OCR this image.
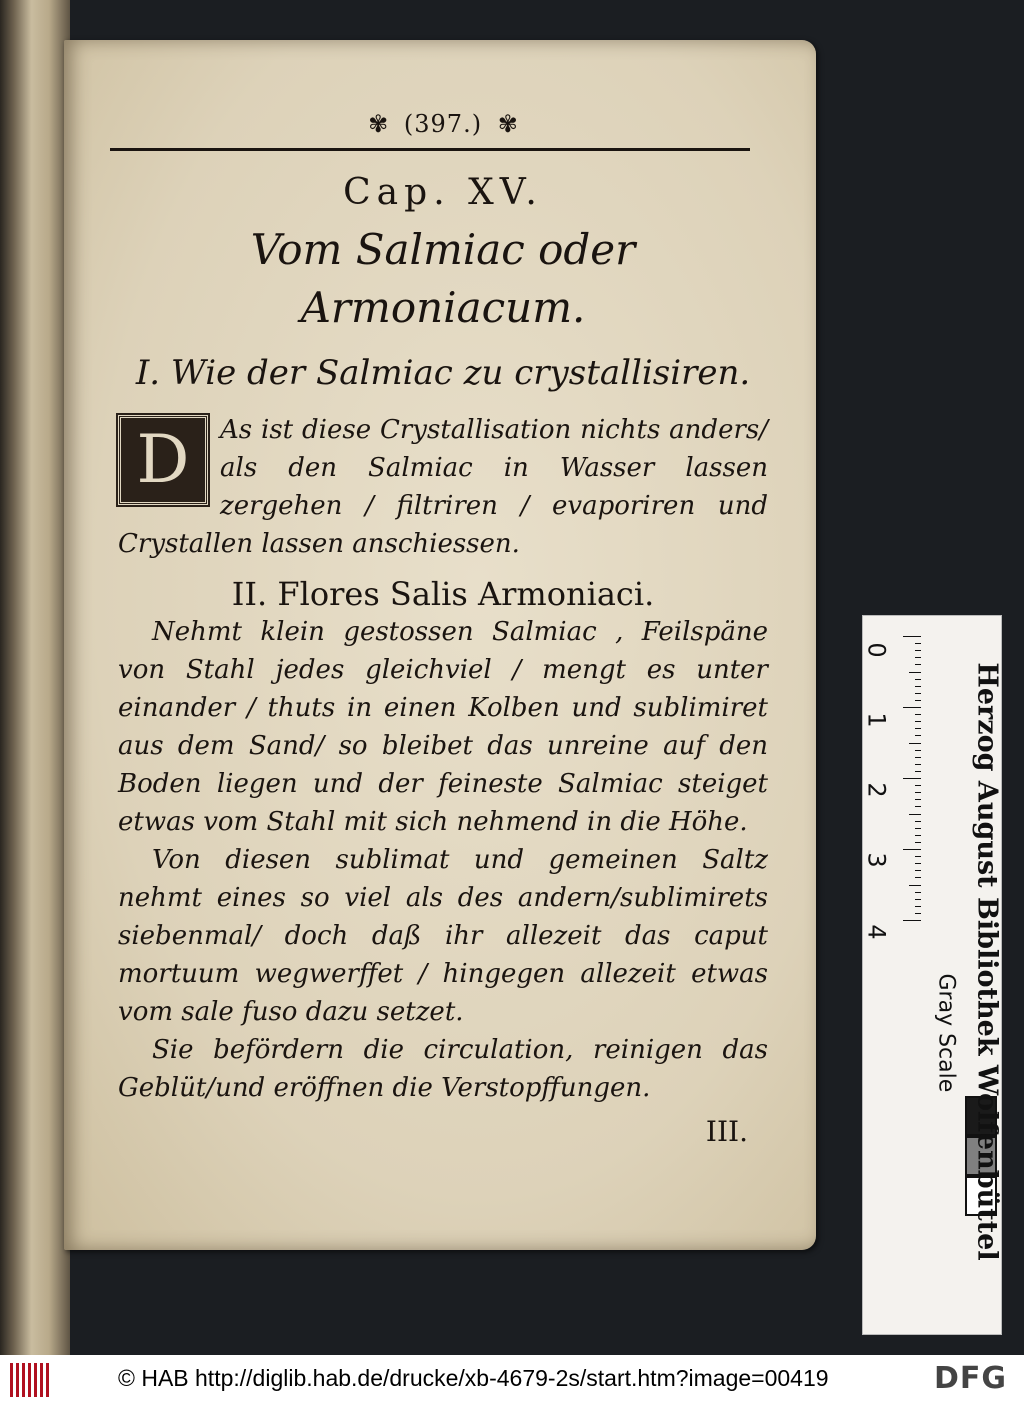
✾ (397.) ✾
Cap. XV.
Vom Salmiac oder Armoniacum.
I. Wie der Salmiac zu crystallisiren.
D	As ist diese Crystallisation nichts anders/ als den Salmiac in Wasser lassen zergehen / filtriren / evaporiren und Crystallen lassen anschiessen.
II. Flores Salis Armoniaci.
Nehmt klein gestossen Salmiac , Feilspäne von Stahl jedes gleichviel / mengt es unter einander / thuts in einen Kolben und sublimiret aus dem Sand/ so bleibet das unreine auf den Boden liegen und der feineste Salmiac steiget etwas vom Stahl mit sich nehmend in die Höhe.
Von diesen sublimat und gemeinen Saltz nehmt eines so viel als des andern/sublimirets siebenmal/ doch daß ihr allezeit das caput mortuum wegwerffet / hingegen allezeit etwas vom sale fuso dazu setzet.
Sie befördern die circulation, reinigen das Geblüt/und eröffnen die Verstopffungen.
III.
0
1
2
3
4
Gray Scale Herzog August Bibliothek Wolfenbüttel
© HAB http://diglib.hab.de/drucke/xb-4679-2s/start.htm?image=00419	DFG
